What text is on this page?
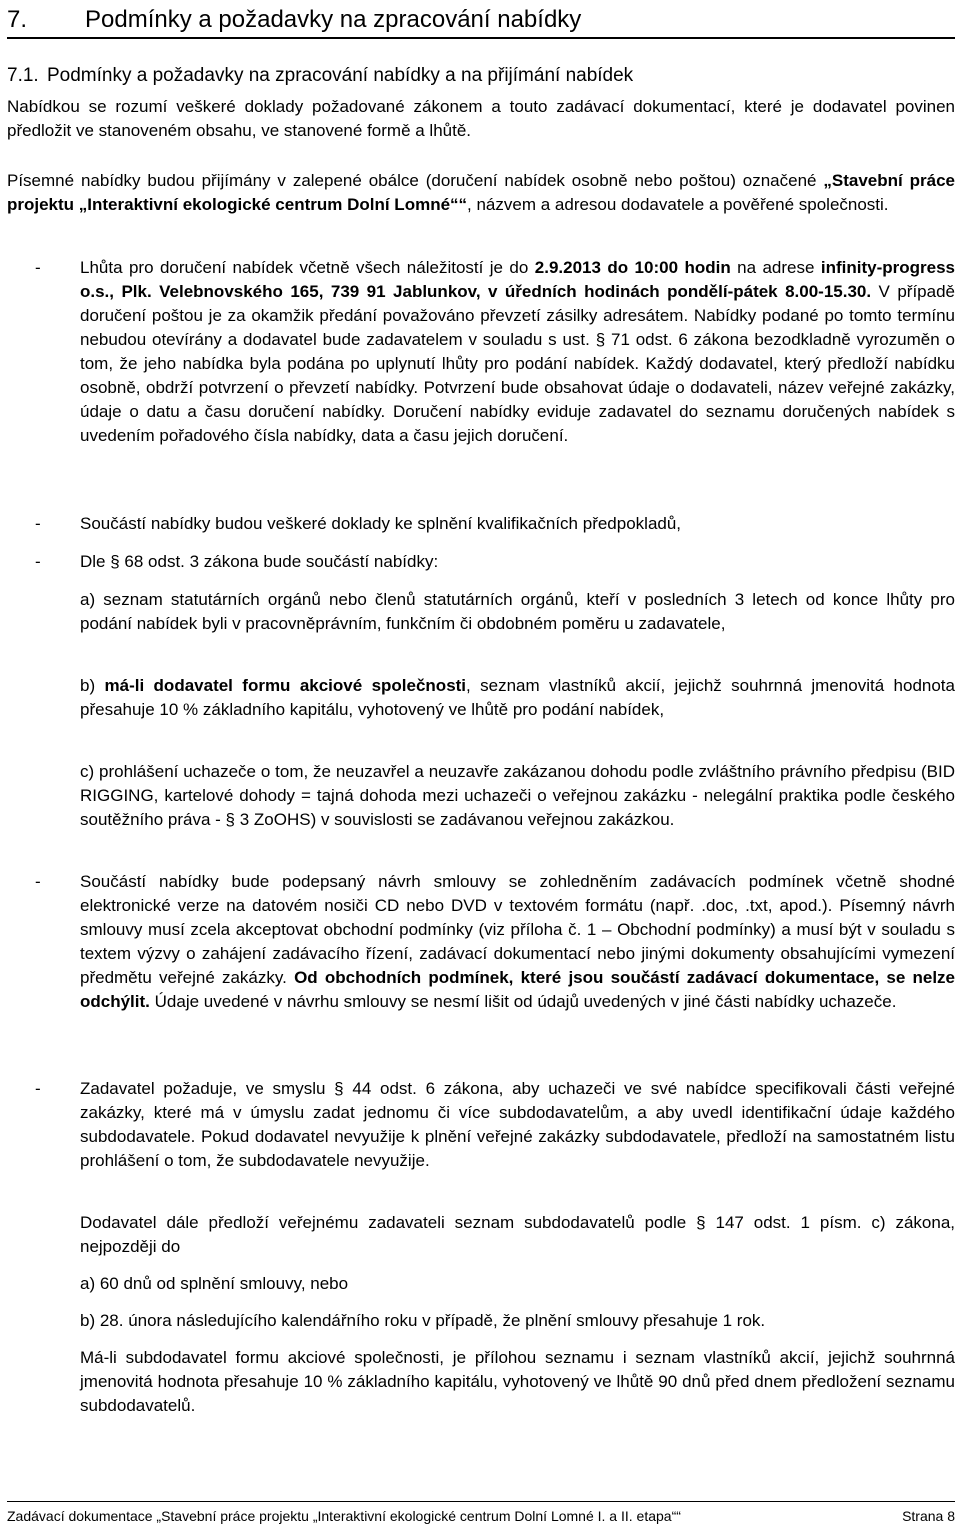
7. Podmínky a požadavky na zpracování nabídky
7.1. Podmínky a požadavky na zpracování nabídky a na přijímání nabídek

Nabídkou se rozumí veškeré doklady požadované zákonem a touto zadávací dokumentací, které je dodavatel povinen předložit ve stanoveném obsahu, ve stanovené formě a lhůtě.

Písemné nabídky budou přijímány v zalepené obálce (doručení nabídek osobně nebo poštou) označené „Stavební práce projektu „Interaktivní ekologické centrum Dolní Lomné““, názvem a adresou dodavatele a pověřené společnosti.

- Lhůta pro doručení nabídek včetně všech náležitostí je do 2.9.2013 do 10:00 hodin na adrese infinity-progress o.s., Plk. Velebnovského 165, 739 91 Jablunkov, v úředních hodinách pondělí-pátek 8.00-15.30. V případě doručení poštou je za okamžik předání považováno převzetí zásilky adresátem. Nabídky podané po tomto termínu nebudou otevírány a dodavatel bude zadavatelem v souladu s ust. § 71 odst. 6 zákona bezodkladně vyrozuměn o tom, že jeho nabídka byla podána po uplynutí lhůty pro podání nabídek. Každý dodavatel, který předloží nabídku osobně, obdrží potvrzení o převzetí nabídky. Potvrzení bude obsahovat údaje o dodavateli, název veřejné zakázky, údaje o datu a času doručení nabídky. Doručení nabídky eviduje zadavatel do seznamu doručených nabídek s uvedením pořadového čísla nabídky, data a času jejich doručení.

- Součástí nabídky budou veškeré doklady ke splnění kvalifikačních předpokladů,

- Dle § 68 odst. 3 zákona bude součástí nabídky:

a) seznam statutárních orgánů nebo členů statutárních orgánů, kteří v posledních 3 letech od konce lhůty pro podání nabídek byli v pracovněprávním, funkčním či obdobném poměru u zadavatele,

b) má-li dodavatel formu akciové společnosti, seznam vlastníků akcií, jejichž souhrnná jmenovitá hodnota přesahuje 10 % základního kapitálu, vyhotovený ve lhůtě pro podání nabídek,

c) prohlášení uchazeče o tom, že neuzavřel a neuzavře zakázanou dohodu podle zvláštního právního předpisu (BID RIGGING, kartelové dohody = tajná dohoda mezi uchazeči o veřejnou zakázku - nelegální praktika podle českého soutěžního práva - § 3 ZoOHS) v souvislosti se zadávanou veřejnou zakázkou.

- Součástí nabídky bude podepsaný návrh smlouvy se zohledněním zadávacích podmínek včetně shodné elektronické verze na datovém nosiči CD nebo DVD v textovém formátu (např. .doc, .txt, apod.). Písemný návrh smlouvy musí zcela akceptovat obchodní podmínky (viz příloha č. 1 – Obchodní podmínky) a musí být v souladu s textem výzvy o zahájení zadávacího řízení, zadávací dokumentací nebo jinými dokumenty obsahujícími vymezení předmětu veřejné zakázky. Od obchodních podmínek, které jsou součástí zadávací dokumentace, se nelze odchýlit. Údaje uvedené v návrhu smlouvy se nesmí lišit od údajů uvedených v jiné části nabídky uchazeče.

- Zadavatel požaduje, ve smyslu § 44 odst. 6 zákona, aby uchazeči ve své nabídce specifikovali části veřejné zakázky, které má v úmyslu zadat jednomu či více subdodavatelům, a aby uvedl identifikační údaje každého subdodavatele. Pokud dodavatel nevyužije k plnění veřejné zakázky subdodavatele, předloží na samostatném listu prohlášení o tom, že subdodavatele nevyužije.

Dodavatel dále předloží veřejnému zadavateli seznam subdodavatelů podle § 147 odst. 1 písm. c) zákona, nejpozději do

a) 60 dnů od splnění smlouvy, nebo

b) 28. února následujícího kalendářního roku v případě, že plnění smlouvy přesahuje 1 rok.

Má-li subdodavatel formu akciové společnosti, je přílohou seznamu i seznam vlastníků akcií, jejichž souhrnná jmenovitá hodnota přesahuje 10 % základního kapitálu, vyhotovený ve lhůtě 90 dnů před dnem předložení seznamu subdodavatelů.

Zadávací dokumentace „Stavební práce projektu „Interaktivní ekologické centrum Dolní Lomné I. a II. etapa““	Strana 8
